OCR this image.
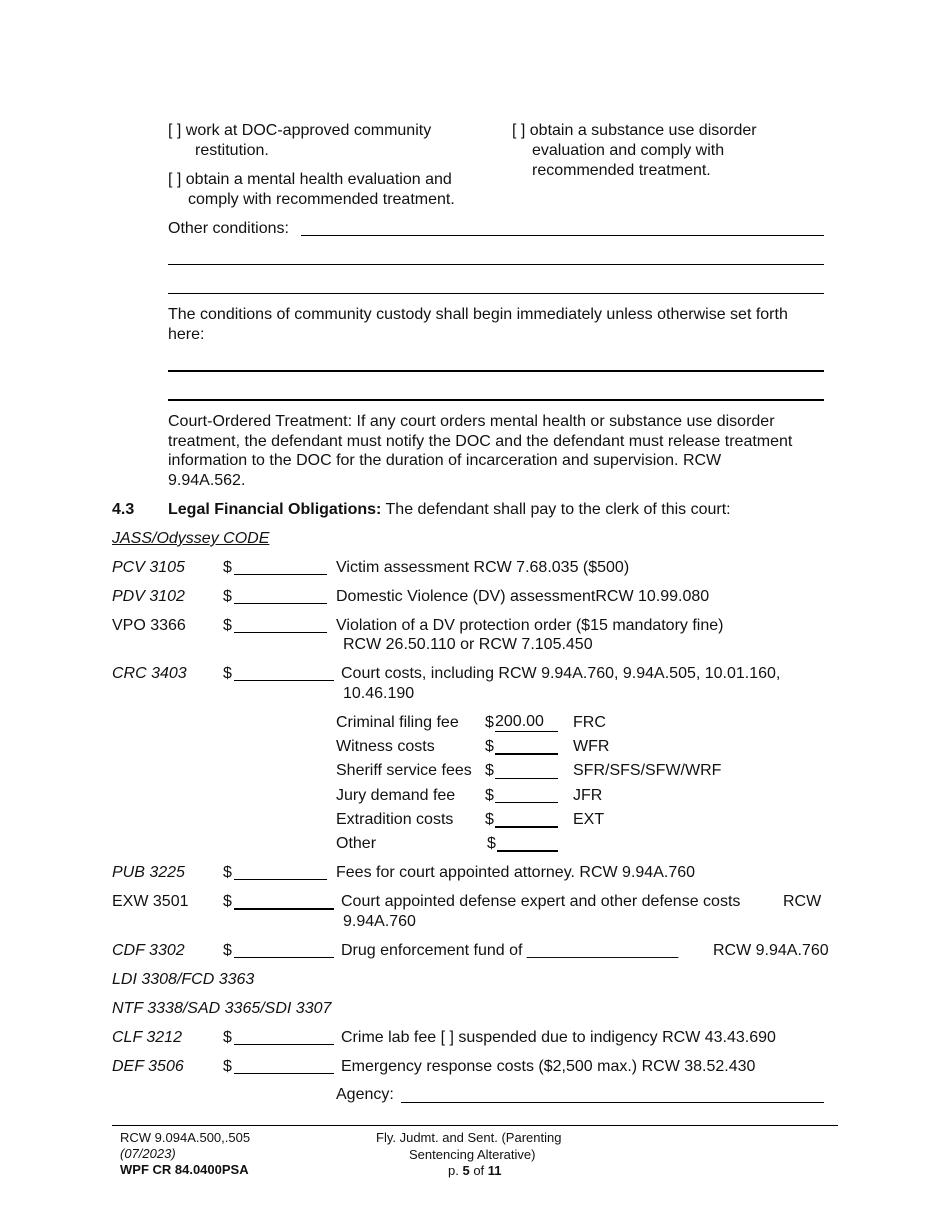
[ ] work at DOC-approved community
restitution.
[ ] obtain a mental health evaluation and
comply with recommended treatment.
[ ] obtain a substance use disorder
evaluation and comply with
recommended treatment.
Other conditions:
The conditions of community custody shall begin immediately unless otherwise set forth
here:
Court-Ordered Treatment: If any court orders mental health or substance use disorder
treatment, the defendant must notify the DOC and the defendant must release treatment
information to the DOC for the duration of incarceration and supervision. RCW
9.94A.562.
4.3 Legal Financial Obligations: The defendant shall pay to the clerk of this court:
JASS/Odyssey CODE
PCV 3105 $	Victim assessment RCW 7.68.035 ($500)
PDV 3102 $	Domestic Violence (DV) assessmentRCW 10.99.080
VPO 3366 $	Violation of a DV protection order ($15 mandatory fine)
RCW 26.50.110 or RCW 7.105.450
CRC 3403 $	Court costs, including RCW 9.94A.760, 9.94A.505, 10.01.160,
10.46.190
Criminal filing fee $ 200.00	FRC
Witness costs	$	WFR
Sheriff service fees $	SFR/SFS/SFW/WRF
Jury demand fee $	JFR
Extradition costs $	EXT
Other	$
PUB 3225 $	Fees for court appointed attorney. RCW 9.94A.760
EXW 3501 $	Court appointed defense expert and other defense costs	RCW
9.94A.760
CDF 3302 $	Drug enforcement fund of _________________ RCW 9.94A.760
LDI 3308/FCD 3363
NTF 3338/SAD 3365/SDI 3307
CLF 3212	$	Crime lab fee [ ] suspended due to indigency RCW 43.43.690
DEF 3506 $	Emergency response costs ($2,500 max.) RCW 38.52.430
Agency:
RCW 9.094A.500,.505
(07/2023)
WPF CR 84.0400PSA
Fly. Judmt. and Sent. (Parenting
Sentencing Alterative)
p. 5 of 11
